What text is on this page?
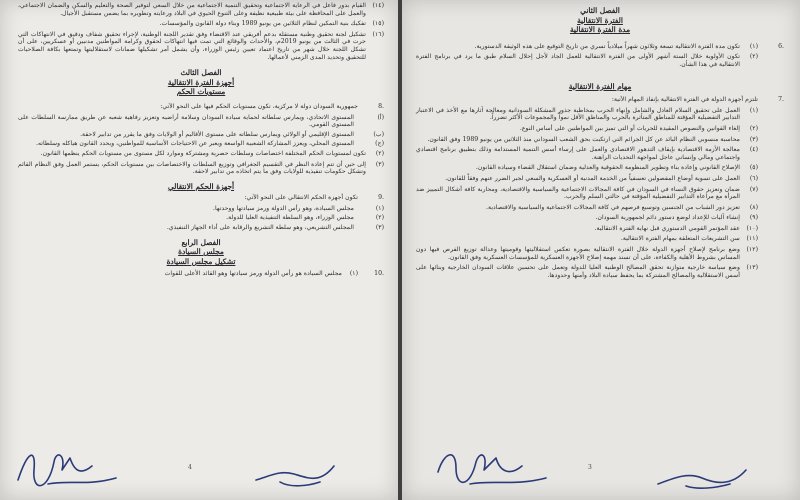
(١٤)
القيام بدور فاعل في الرعاية الاجتماعية وتحقيق التنمية الاجتماعية من خلال السعي لتوفير الصحة والتعليم والسكن والضمان الاجتماعي، والعمل على المحافظة على بيئة طبيعية نظيفة وعلى التنوع الحيوي في البلاد ورعايته وتطويره بما يضمن مستقبل الأجيال.
(١٥)
تفكيك بنية التمكين لنظام الثلاثين من يونيو 1989 وبناء دولة القانون والمؤسسات.
(١٦)
تشكيل لجنة تحقيق وطنية مستقلة بدعم أفريقي عند الاقتضاء وفق تقدير اللجنة الوطنية، لإجراء تحقيق شفاف ودقيق في الانتهاكات التي جرت في الثالث من يونيو 2019م، والأحداث والوقائع التي تمت فيها انتهاكات لحقوق وكرامة المواطنين مدنيين أو عسكريين، على أن تشكل اللجنة خلال شهر من تاريخ اعتماد تعيين رئيس الوزراء، وأن يشمل أمر تشكيلها ضمانات لاستقلاليتها وتمتعها بكافة الصلاحيات للتحقيق وتحديد المدى الزمني لأعمالها.
الفصل الثالث
أجهزة الفترة الانتقالية
مستويات الحكم
.8
جمهورية السودان دولة لا مركزية، تكون مستويات الحكم فيها على النحو الآتي:
(أ)
المستوى الاتحادي، ويمارس سلطاته لحماية سيادة السودان وسلامة أراضيه وتعزيز رفاهية شعبه عن طريق ممارسة السلطات على المستوى القومي.
(ب)
المستوى الإقليمي أو الولائي ويمارس سلطاته على مستوى الأقاليم أو الولايات وفق ما يقرر من تدابير لاحقة.
(ج)
المستوى المحلي، ويعزز المشاركة الشعبية الواسعة ويعبر عن الاحتياجات الأساسية للمواطنين، ويحدد القانون هياكله وسلطاته.
(٢)
تكون لمستويات الحكم المختلفة اختصاصات وسلطات حصرية ومشتركة وموارد لكل مستوى من مستويات الحكم ينظمها القانون.
(٣)
إلى حين أن تتم إعادة النظر في التقسيم الجغرافي وتوزيع السلطات والاختصاصات بين مستويات الحكم، يستمر العمل وفق النظام القائم وتشكل حكومات تنفيذية للولايات وفق ما يتم اتخاذه من تدابير لاحقة.
أجهزة الحكم الانتقالي
.9
تكون أجهزة الحكم الانتقالي على النحو الآتي:
(١)
مجلس السيادة، وهو رأس الدولة ورمز سيادتها ووحدتها.
(٢)
مجلس الوزراء، وهو السلطة التنفيذية العليا للدولة.
(٣)
المجلس التشريعي، وهو سلطة التشريع والرقابة على أداء الجهاز التنفيذي.
الفصل الرابع
مجلس السيادة
تشكيل مجلس السيادة
.10
(١)
مجلس السيادة هو رأس الدولة ورمز سيادتها وهو القائد الأعلى للقوات
4
الفصل الثاني
الفترة الانتقالية
مدة الفترة الانتقالية
.6
(١)
تكون مدة الفترة الانتقالية تسعة وثلاثون شهراً ميلادياً تسري من تاريخ التوقيع على هذه الوثيقة الدستورية.
(٢)
تكون الأولوية خلال الستة أشهر الأولى من الفترة الانتقالية للعمل الجاد لأجل إحلال السلام طبق ما يرد في برنامج الفترة الانتقالية في هذا الشأن.
مهام الفترة الانتقالية
.7
تلتزم أجهزة الدولة في الفترة الانتقالية بإنفاذ المهام الآتية:
(١)
العمل على تحقيق السلام العادل والشامل وإنهاء الحرب بمخاطبة جذور المشكلة السودانية ومعالجة آثارها مع الأخذ في الاعتبار التدابير التفضيلية المؤقتة للمناطق المتأثرة بالحرب والمناطق الأقل نمواً والمجموعات الأكثر تضرراً.
(٢)
إلغاء القوانين والنصوص المقيدة للحريات أو التي تميز بين المواطنين على أساس النوع.
(٣)
محاسبة منسوبي النظام البائد عن كل الجرائم التي ارتكبت بحق الشعب السوداني منذ الثلاثين من يونيو 1989 وفق القانون.
(٤)
معالجة الأزمة الاقتصادية بإيقاف التدهور الاقتصادي والعمل على إرساء أسس التنمية المستدامة وذلك بتطبيق برنامج اقتصادي واجتماعي ومالي وإنساني عاجل لمواجهة التحديات الراهنة.
(٥)
الإصلاح القانوني وإعادة بناء وتطوير المنظومة الحقوقية والعدلية وضمان استقلال القضاء وسيادة القانون.
(٦)
العمل على تسوية أوضاع المفصولين تعسفياً من الخدمة المدنية أو العسكرية والسعي لجبر الضرر عنهم وفقاً للقانون.
(٧)
ضمان وتعزيز حقوق النساء في السودان في كافة المجالات الاجتماعية والسياسية والاقتصادية، ومحاربة كافة أشكال التمييز ضد المرأة مع مراعاة التدابير التفضيلية المؤقتة في حالتي السلم والحرب.
(٨)
تعزيز دور الشباب من الجنسين وتوسيع فرصهم في كافة المجالات الاجتماعية والسياسية والاقتصادية.
(٩)
إنشاء آليات للإعداد لوضع دستور دائم لجمهورية السودان.
(١٠)
عقد المؤتمر القومي الدستوري قبل نهاية الفترة الانتقالية.
(١١)
سن التشريعات المتعلقة بمهام الفترة الانتقالية.
(١٢)
وضع برنامج لإصلاح أجهزة الدولة خلال الفترة الانتقالية بصورة تعكس استقلاليتها وقوميتها وعدالة توزيع الفرص فيها دون المساس بشروط الأهلية والكفاءة، على أن تسند مهمة إصلاح الأجهزة العسكرية للمؤسسات العسكرية وفق القانون.
(١٣)
وضع سياسة خارجية متوازنة تحقق المصالح الوطنية العليا للدولة وتعمل على تحسين علاقات السودان الخارجية وبنائها على أسس الاستقلالية والمصالح المشتركة بما يحفظ سيادة البلاد وأمنها وحدودها.
3
